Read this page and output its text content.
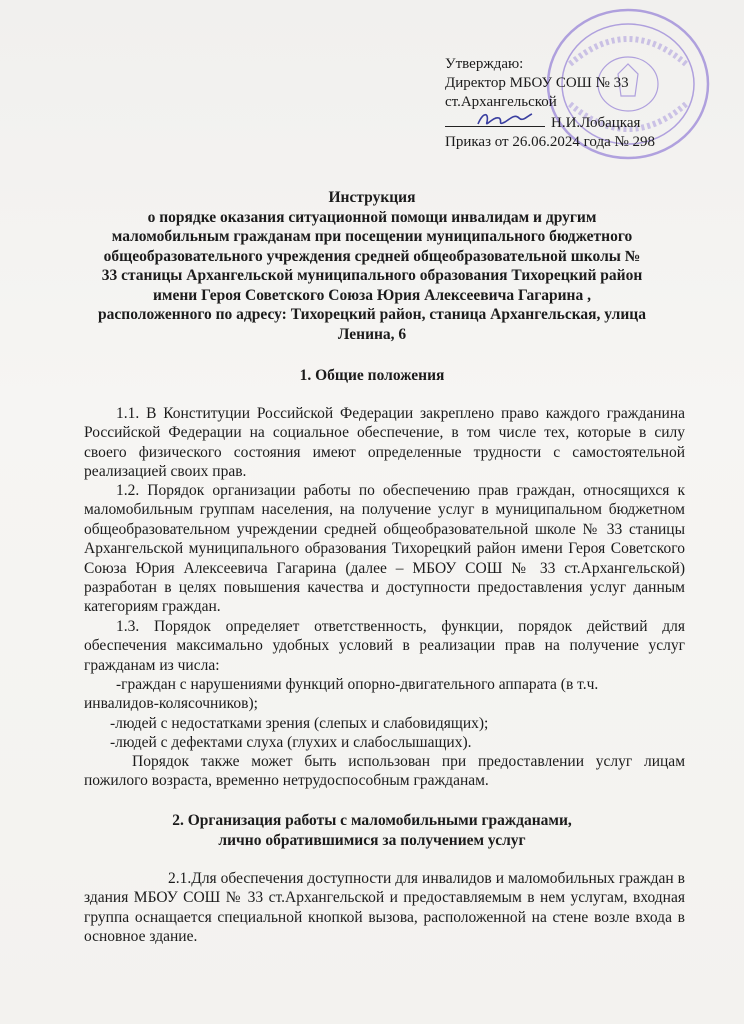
Утверждаю:
Директор МБОУ СОШ № 33
ст.Архангельской
Н.И.Лобацкая
Приказ от 26.06.2024 года № 298
Инструкция
о порядке оказания ситуационной помощи инвалидам и другим
маломобильным гражданам при посещении муниципального бюджетного
общеобразовательного учреждения средней общеобразовательной школы №
33 станицы Архангельской муниципального образования Тихорецкий район
имени Героя Советского Союза Юрия Алексеевича Гагарина ,
расположенного по адресу: Тихорецкий район, станица Архангельская, улица
Ленина, 6
1. Общие положения
1.1. В Конституции Российской Федерации закреплено право каждого гражданина Российской Федерации на социальное обеспечение, в том числе тех, которые в силу своего физического состояния имеют определенные трудности с самостоятельной реализацией своих прав.
1.2. Порядок организации работы по обеспечению прав граждан, относящихся к маломобильным группам населения, на получение услуг в муниципальном бюджетном общеобразовательном учреждении средней общеобразовательной школе № 33 станицы Архангельской муниципального образования Тихорецкий район имени Героя Советского Союза Юрия Алексеевича Гагарина (далее – МБОУ СОШ № 33 ст.Архангельской) разработан в целях повышения качества и доступности предоставления услуг данным категориям граждан.
1.3. Порядок определяет ответственность, функции, порядок действий для обеспечения максимально удобных условий в реализации прав на получение услуг гражданам из числа:
-граждан с нарушениями функций опорно-двигательного аппарата (в т.ч.
инвалидов-колясочников);
-людей с недостатками зрения (слепых и слабовидящих);
-людей с дефектами слуха (глухих и слабослышащих).
Порядок также может быть использован при предоставлении услуг лицам пожилого возраста, временно нетрудоспособным гражданам.
2. Организация работы с маломобильными гражданами,
лично обратившимися за получением услуг
2.1.Для обеспечения доступности для инвалидов и маломобильных граждан в здания МБОУ СОШ № 33 ст.Архангельской и предоставляемым в нем услугам, входная группа оснащается специальной кнопкой вызова, расположенной на стене возле входа в основное здание.
